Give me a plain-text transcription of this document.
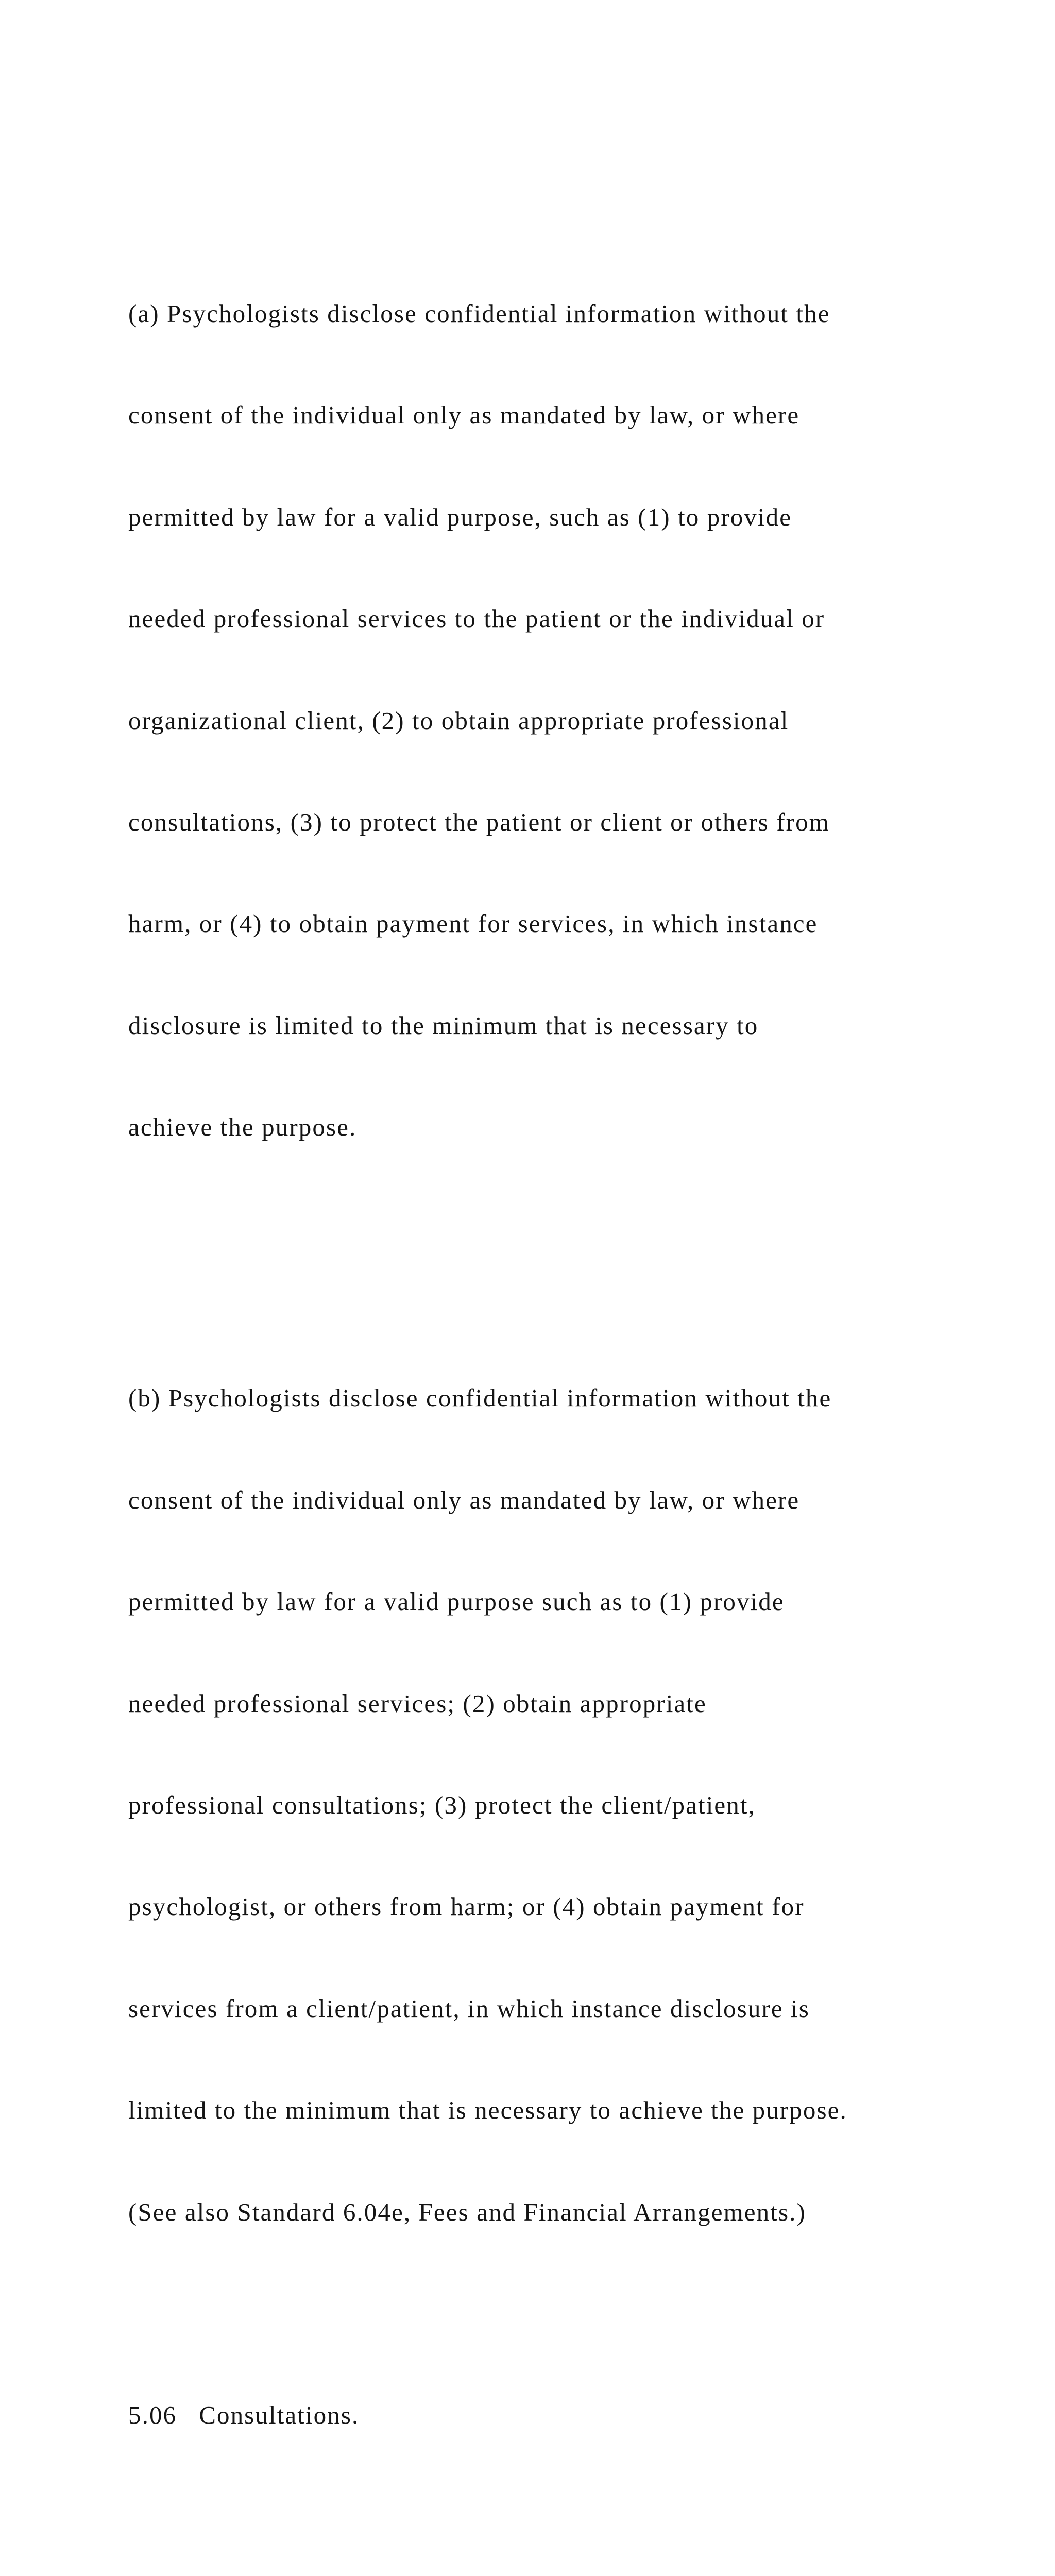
(a) Psychologists disclose confidential information without the

consent of the individual only as mandated by law, or where

permitted by law for a valid purpose, such as (1) to provide

needed professional services to the patient or the individual or

organizational client, (2) to obtain appropriate professional

consultations, (3) to protect the patient or client or others from

harm, or (4) to obtain payment for services, in which instance

disclosure is limited to the minimum that is necessary to

achieve the purpose.

(b) Psychologists disclose confidential information without the

consent of the individual only as mandated by law, or where

permitted by law for a valid purpose such as to (1) provide

needed professional services; (2) obtain appropriate

professional consultations; (3) protect the client/patient,

psychologist, or others from harm; or (4) obtain payment for

services from a client/patient, in which instance disclosure is

limited to the minimum that is necessary to achieve the purpose.

(See also Standard 6.04e, Fees and Financial Arrangements.)

5.06   Consultations.
